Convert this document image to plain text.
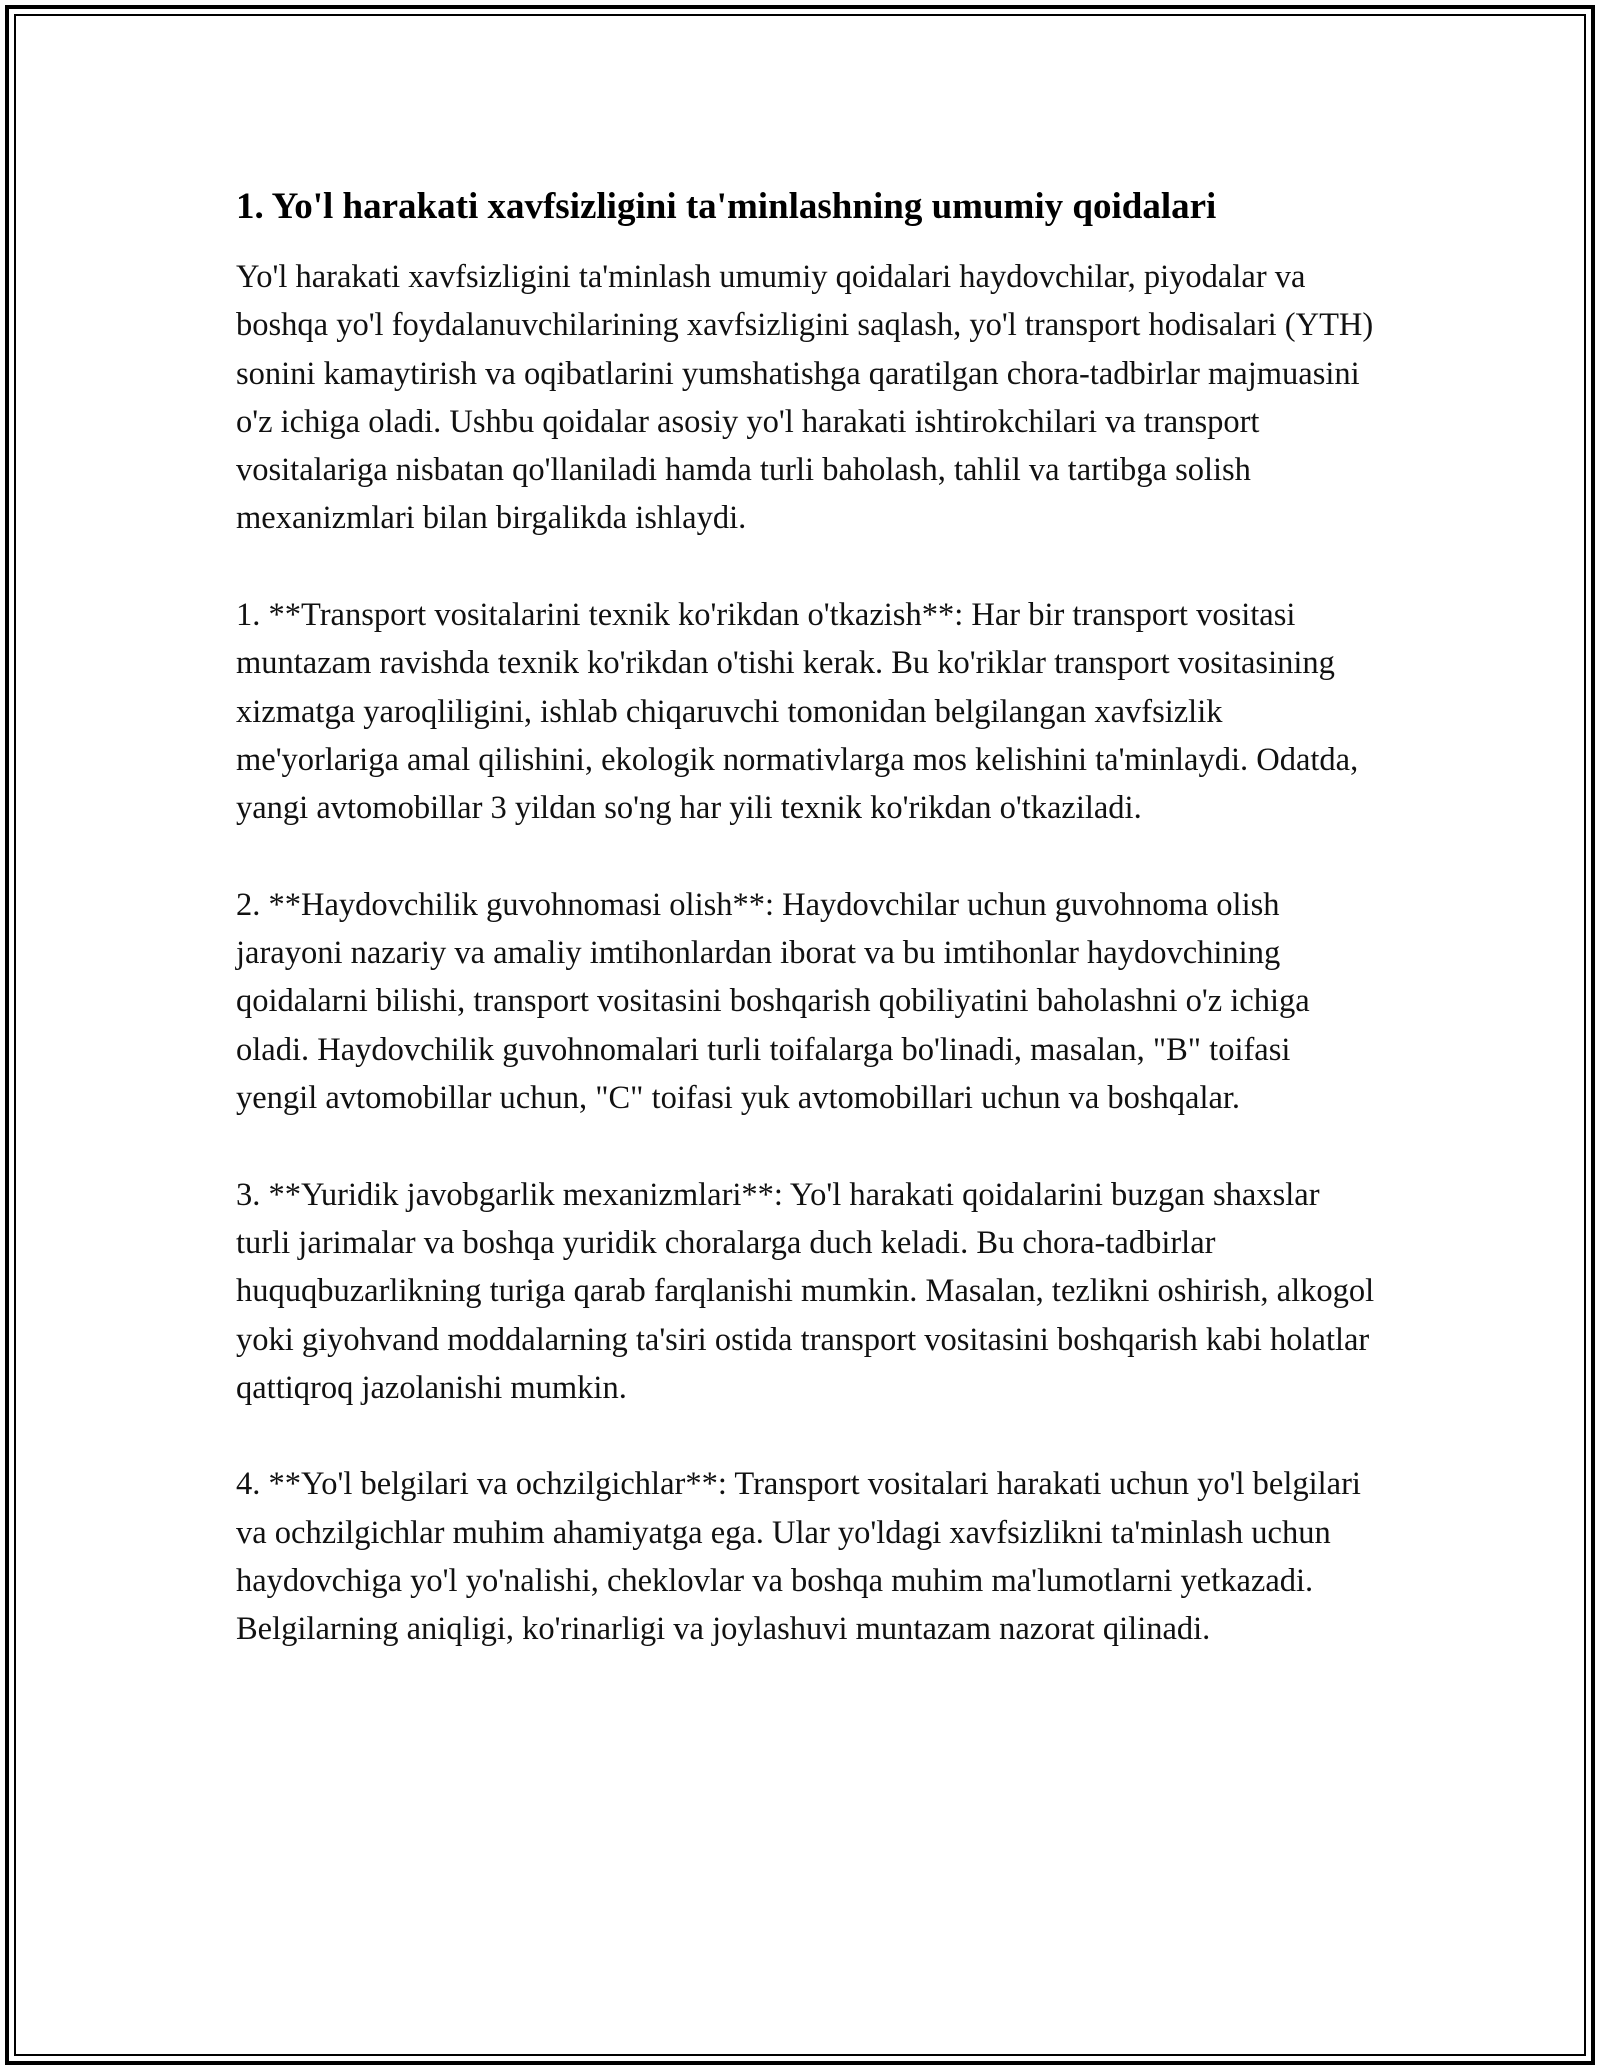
1. Yo'l harakati xavfsizligini ta'minlashning umumiy qoidalari

Yo'l harakati xavfsizligini ta'minlash umumiy qoidalari haydovchilar, piyodalar va boshqa yo'l foydalanuvchilarining xavfsizligini saqlash, yo'l transport hodisalari (YTH) sonini kamaytirish va oqibatlarini yumshatishga qaratilgan chora-tadbirlar majmuasini o'z ichiga oladi. Ushbu qoidalar asosiy yo'l harakati ishtirokchilari va transport vositalariga nisbatan qo'llaniladi hamda turli baholash, tahlil va tartibga solish mexanizmlari bilan birgalikda ishlaydi.

1. **Transport vositalarini texnik ko'rikdan o'tkazish**: Har bir transport vositasi muntazam ravishda texnik ko'rikdan o'tishi kerak. Bu ko'riklar transport vositasining xizmatga yaroqliligini, ishlab chiqaruvchi tomonidan belgilangan xavfsizlik me'yorlariga amal qilishini, ekologik normativlarga mos kelishini ta'minlaydi. Odatda, yangi avtomobillar 3 yildan so'ng har yili texnik ko'rikdan o'tkaziladi.

2. **Haydovchilik guvohnomasi olish**: Haydovchilar uchun guvohnoma olish jarayoni nazariy va amaliy imtihonlardan iborat va bu imtihonlar haydovchining qoidalarni bilishi, transport vositasini boshqarish qobiliyatini baholashni o'z ichiga oladi. Haydovchilik guvohnomalari turli toifalarga bo'linadi, masalan, "B" toifasi yengil avtomobillar uchun, "C" toifasi yuk avtomobillari uchun va boshqalar.

3. **Yuridik javobgarlik mexanizmlari**: Yo'l harakati qoidalarini buzgan shaxslar turli jarimalar va boshqa yuridik choralarga duch keladi. Bu chora-tadbirlar huquqbuzarlikning turiga qarab farqlanishi mumkin. Masalan, tezlikni oshirish, alkogol yoki giyohvand moddalarning ta'siri ostida transport vositasini boshqarish kabi holatlar qattiqroq jazolanishi mumkin.

4. **Yo'l belgilari va ochzilgichlar**: Transport vositalari harakati uchun yo'l belgilari va ochzilgichlar muhim ahamiyatga ega. Ular yo'ldagi xavfsizlikni ta'minlash uchun haydovchiga yo'l yo'nalishi, cheklovlar va boshqa muhim ma'lumotlarni yetkazadi. Belgilarning aniqligi, ko'rinarligi va joylashuvi muntazam nazorat qilinadi.
